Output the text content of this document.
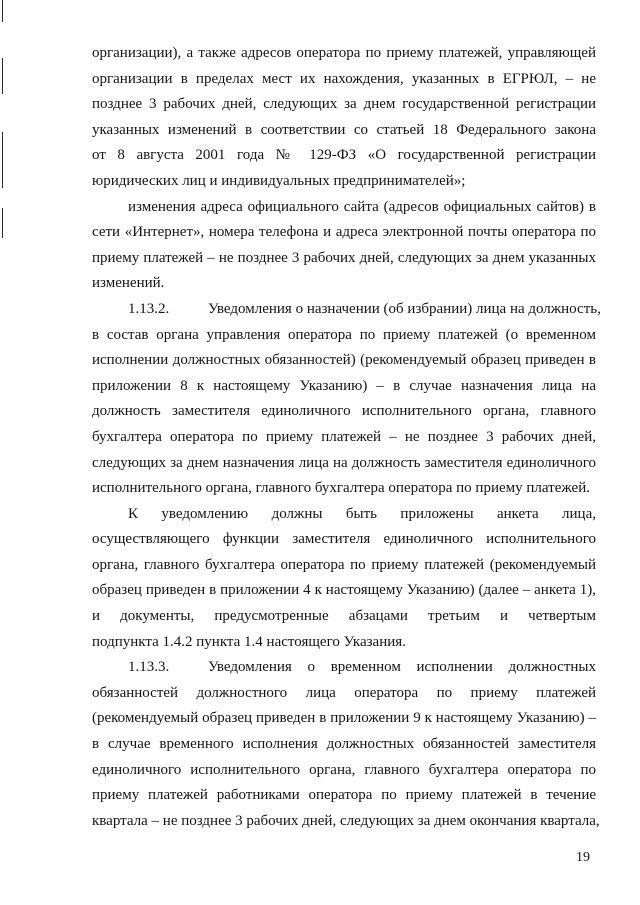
организации), а также адресов оператора по приему платежей, управляющей
организации в пределах мест их нахождения, указанных в ЕГРЮЛ, – не
позднее 3 рабочих дней, следующих за днем государственной регистрации
указанных изменений в соответствии со статьей 18 Федерального закона
от 8 августа 2001 года № 129-ФЗ «О государственной регистрации
юридических лиц и индивидуальных предпринимателей»;
изменения адреса официального сайта (адресов официальных сайтов) в
сети «Интернет», номера телефона и адреса электронной почты оператора по
приему платежей – не позднее 3 рабочих дней, следующих за днем указанных
изменений.
1.13.2.	Уведомления о назначении (об избрании) лица на должность,
в состав органа управления оператора по приему платежей (о временном
исполнении должностных обязанностей) (рекомендуемый образец приведен в
приложении 8 к настоящему Указанию) – в случае назначения лица на
должность заместителя единоличного исполнительного органа, главного
бухгалтера оператора по приему платежей – не позднее 3 рабочих дней,
следующих за днем назначения лица на должность заместителя единоличного
исполнительного органа, главного бухгалтера оператора по приему платежей.
К уведомлению должны быть приложены анкета лица,
осуществляющего функции заместителя единоличного исполнительного
органа, главного бухгалтера оператора по приему платежей (рекомендуемый
образец приведен в приложении 4 к настоящему Указанию) (далее – анкета 1),
и документы, предусмотренные абзацами третьим и четвертым
подпункта 1.4.2 пункта 1.4 настоящего Указания.
1.13.3.	Уведомления о временном исполнении должностных
обязанностей должностного лица оператора по приему платежей
(рекомендуемый образец приведен в приложении 9 к настоящему Указанию) –
в случае временного исполнения должностных обязанностей заместителя
единоличного исполнительного органа, главного бухгалтера оператора по
приему платежей работниками оператора по приему платежей в течение
квартала – не позднее 3 рабочих дней, следующих за днем окончания квартала,
19
